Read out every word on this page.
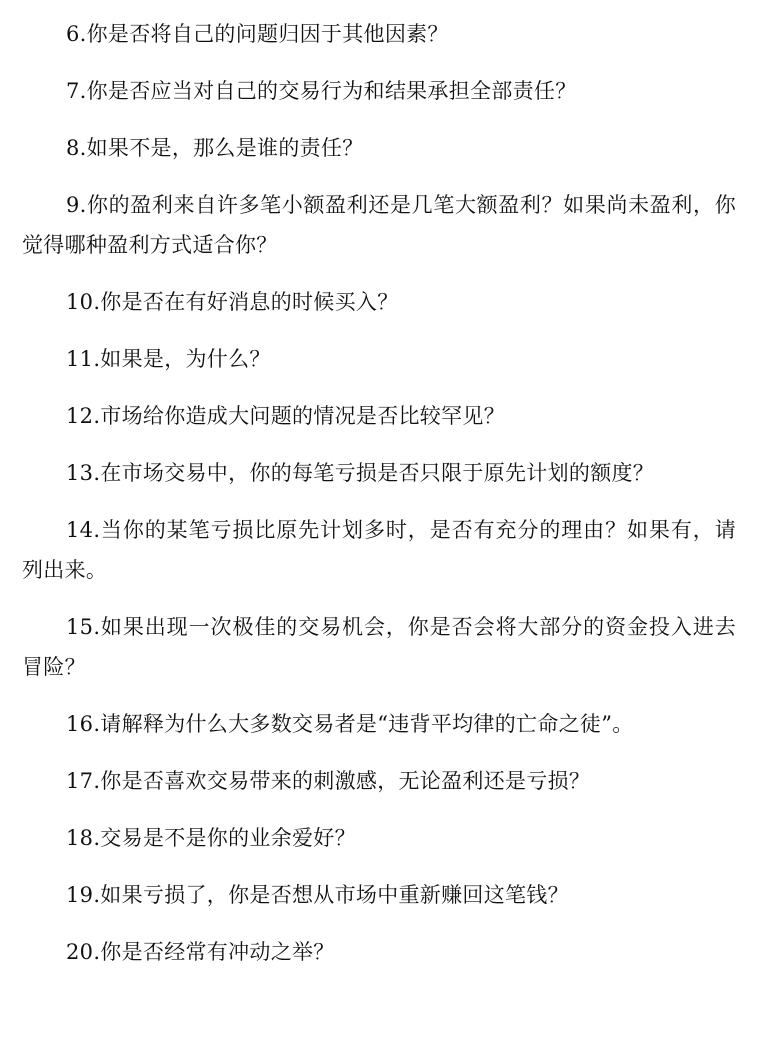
6.你是否将自己的问题归因于其他因素？

7.你是否应当对自己的交易行为和结果承担全部责任？

8.如果不是，那么是谁的责任？

9.你的盈利来自许多笔小额盈利还是几笔大额盈利？如果尚未盈利，你觉得哪种盈利方式适合你？

10.你是否在有好消息的时候买入？

11.如果是，为什么？

12.市场给你造成大问题的情况是否比较罕见？

13.在市场交易中，你的每笔亏损是否只限于原先计划的额度？

14.当你的某笔亏损比原先计划多时，是否有充分的理由？如果有，请列出来。

15.如果出现一次极佳的交易机会，你是否会将大部分的资金投入进去冒险？

16.请解释为什么大多数交易者是“违背平均律的亡命之徒”。

17.你是否喜欢交易带来的刺激感，无论盈利还是亏损？

18.交易是不是你的业余爱好？

19.如果亏损了，你是否想从市场中重新赚回这笔钱？

20.你是否经常有冲动之举？
